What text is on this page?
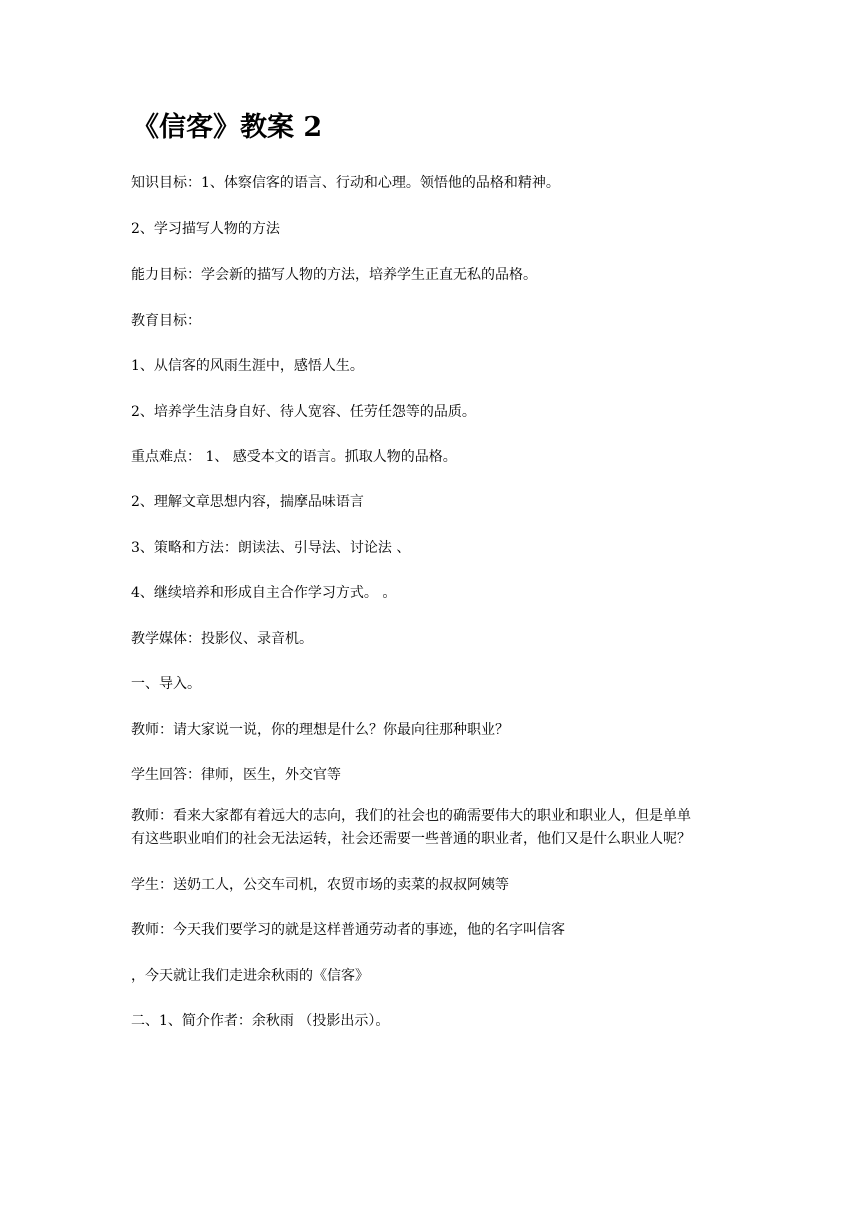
《信客》教案 2
知识目标：1、体察信客的语言、行动和心理。领悟他的品格和精神。
2、学习描写人物的方法
能力目标：学会新的描写人物的方法，培养学生正直无私的品格。
教育目标：
1、从信客的风雨生涯中，感悟人生。
2、培养学生洁身自好、待人宽容、任劳任怨等的品质。
重点难点： 1、 感受本文的语言。抓取人物的品格。
2、理解文章思想内容，揣摩品味语言
3、策略和方法：朗读法、引导法、讨论法 、
4、继续培养和形成自主合作学习方式。 。
教学媒体：投影仪、录音机。
一、导入。
教师：请大家说一说，你的理想是什么？你最向往那种职业？
学生回答：律师，医生，外交官等
教师：看来大家都有着远大的志向，我们的社会也的确需要伟大的职业和职业人，但是单单
有这些职业咱们的社会无法运转，社会还需要一些普通的职业者，他们又是什么职业人呢？
学生：送奶工人，公交车司机，农贸市场的卖菜的叔叔阿姨等
教师：今天我们要学习的就是这样普通劳动者的事迹，他的名字叫信客
，今天就让我们走进余秋雨的《信客》
二、1、简介作者：余秋雨 （投影出示）。
